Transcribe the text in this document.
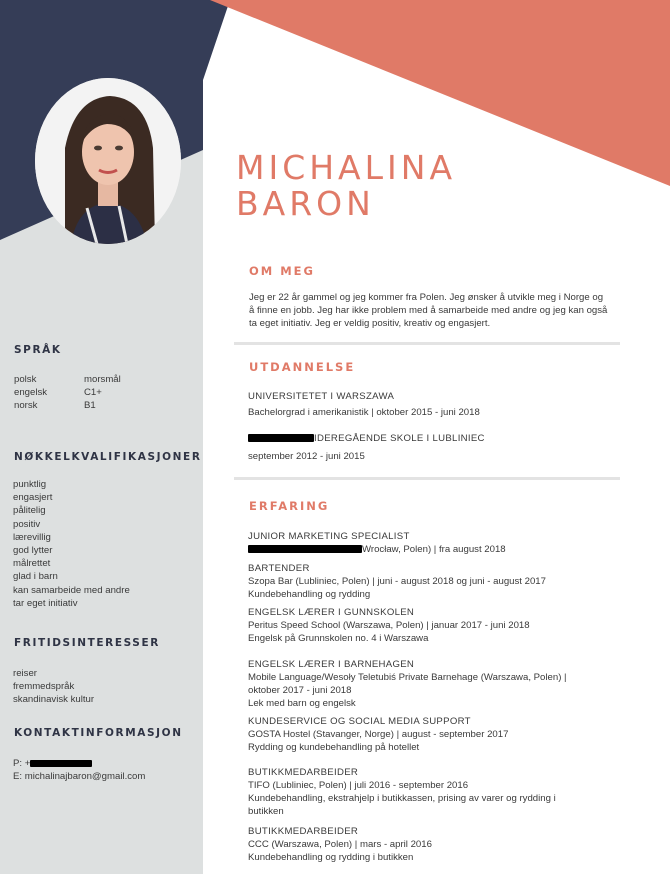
MICHALINA
BARON
OM MEG

Jeg er 22 år gammel og jeg kommer fra Polen. Jeg ønsker å utvikle meg i Norge og å finne en jobb. Jeg har ikke problem med å samarbeide med andre og jeg kan også ta eget initiativ. Jeg er veldig positiv, kreativ og engasjert.

UTDANNELSE

UNIVERSITETET I WARSZAWA

Bachelorgrad i amerikanistik | oktober 2015 - juni 2018

IDEREGÅENDE SKOLE I LUBLINIEC

september 2012 - juni 2015

ERFARING

JUNIOR MARKETING SPECIALIST

Wrocław, Polen) | fra august 2018

BARTENDER

Szopa Bar (Lubliniec, Polen) | juni - august 2018 og juni - august 2017

Kundebehandling og rydding

ENGELSK LÆRER I GUNNSKOLEN

Peritus Speed School (Warszawa, Polen) | januar 2017 - juni 2018

Engelsk på Grunnskolen no. 4 i Warszawa

ENGELSK LÆRER I BARNEHAGEN

Mobile Language/Wesoły Teletubiś Private Barnehage (Warszawa, Polen) |

oktober 2017 - juni 2018

Lek med barn og engelsk

KUNDESERVICE OG SOCIAL MEDIA SUPPORT

GOSTA Hostel (Stavanger, Norge) | august - september 2017

Rydding og kundebehandling på hotellet

BUTIKKMEDARBEIDER

TIFO (Lubliniec, Polen) | juli 2016 - september 2016

Kundebehandling, ekstrahjelp i butikkassen, prising av varer og rydding i

butikken

BUTIKKMEDARBEIDER

CCC (Warszawa, Polen) | mars - april 2016

Kundebehandling og rydding i butikken

SPRÅK
polsk	morsmål
engelsk	C1+
norsk	B1
NØKKELKVALIFIKASJONER
punktlig
engasjert
pålitelig
positiv
lærevillig
god lytter
målrettet
glad i barn
kan samarbeide med andre
tar eget initiativ
FRITIDSINTERESSER
reiser
fremmedspråk
skandinavisk kultur
KONTAKTINFORMASJON

P: +

E: michalinajbaron@gmail.com
